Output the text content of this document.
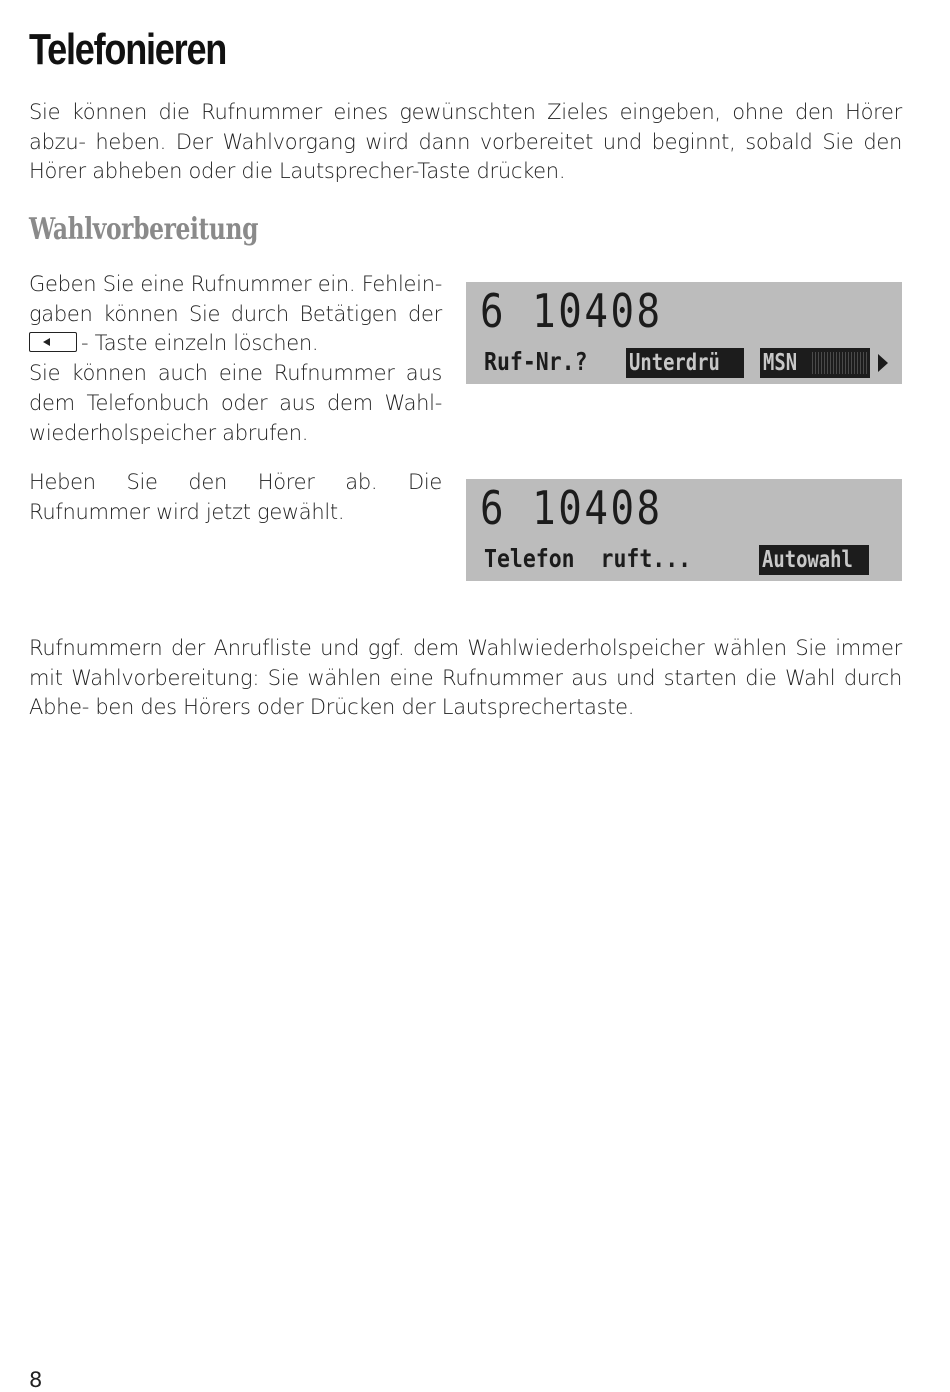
Telefonieren

Sie können die Rufnummer eines gewünschten Zieles eingeben, ohne den Hörer abzu- heben. Der Wahlvorgang wird dann vorbereitet und beginnt, sobald Sie den Hörer abheben oder die Lautsprecher-Taste drücken.

Wahlvorbereitung

Geben Sie eine Rufnummer ein. Fehlein- gaben können Sie durch Betätigen der - Taste einzeln löschen.
Sie können auch eine Rufnummer aus dem Telefonbuch oder aus dem Wahl- wiederholspeicher abrufen.

Heben Sie den Hörer ab. Die Rufnummer wird jetzt gewählt.

6 10408
Ruf-Nr.? Unterdrü	MSN
6 10408
Telefon  ruft...	Autowahl

Rufnummern der Anrufliste und ggf. dem Wahlwiederholspeicher wählen Sie immer mit Wahlvorbereitung: Sie wählen eine Rufnummer aus und starten die Wahl durch Abhe- ben des Hörers oder Drücken der Lautsprechertaste.

8
